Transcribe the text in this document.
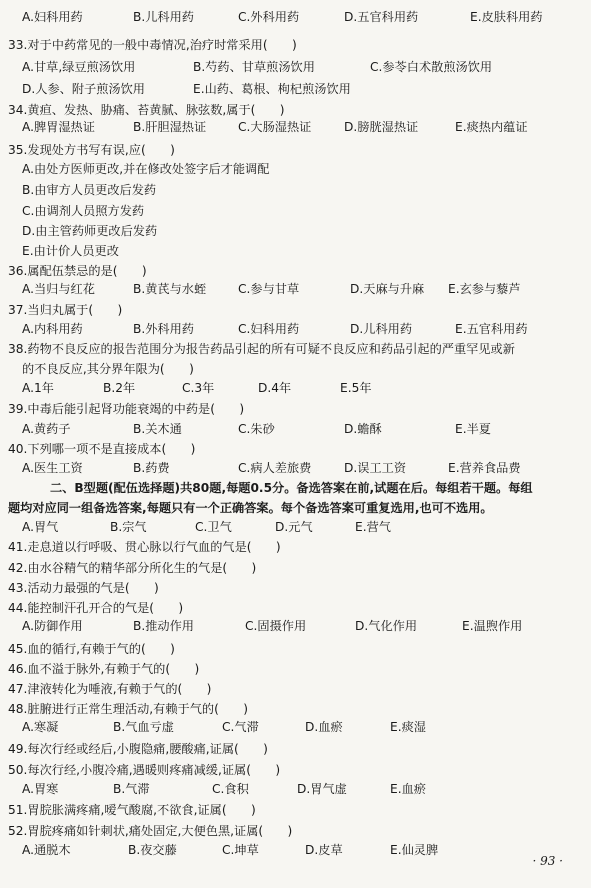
A.妇科用药	B.儿科用药	C.外科用药	D.五官科用药	E.皮肤科用药
33.对于中药常见的一般中毒情况,治疗时常采用(　　)
A.甘草,绿豆煎汤饮用	B.芍药、甘草煎汤饮用	C.参苓白术散煎汤饮用
D.人参、附子煎汤饮用	E.山药、葛根、枸杞煎汤饮用
34.黄疸、发热、胁痛、苔黄腻、脉弦数,属于(　　)
A.脾胃湿热证	B.肝胆湿热证	C.大肠湿热证	D.膀胱湿热证	E.痰热内蕴证
35.发现处方书写有误,应(　　)
A.由处方医师更改,并在修改处签字后才能调配
B.由审方人员更改后发药
C.由调剂人员照方发药
D.由主管药师更改后发药
E.由计价人员更改
36.属配伍禁忌的是(　　)
A.当归与红花	B.黄芪与水蛭	C.参与甘草	D.天麻与升麻 E.玄参与藜芦
37.当归丸属于(　　)
A.内科用药	B.外科用药	C.妇科用药	D.儿科用药	E.五官科用药
38.药物不良反应的报告范围分为报告药品引起的所有可疑不良反应和药品引起的严重罕见或新
的不良反应,其分界年限为(　　)
A.1年	B.2年	C.3年	D.4年	E.5年
39.中毒后能引起肾功能衰竭的中药是(　　)
A.黄药子	B.关木通	C.朱砂	D.蟾酥	E.半夏
40.下列哪一项不是直接成本(　　)
A.医生工资	B.药费	C.病人差旅费	D.误工工资	E.营养食品费
二、B型题(配伍选择题)共80题,每题0.5分。备选答案在前,试题在后。每组若干题。每组
题均对应同一组备选答案,每题只有一个正确答案。每个备选答案可重复选用,也可不选用。
A.胃气	B.宗气	C.卫气	D.元气	E.营气
41.走息道以行呼吸、贯心脉以行气血的气是(　　)
42.由水谷精气的精华部分所化生的气是(　　)
43.活动力最强的气是(　　)
44.能控制汗孔开合的气是(　　)
A.防御作用	B.推动作用	C.固摄作用	D.气化作用	E.温煦作用
45.血的循行,有赖于气的(　　)
46.血不溢于脉外,有赖于气的(　　)
47.津液转化为唾液,有赖于气的(　　)
48.脏腑进行正常生理活动,有赖于气的(　　)
A.寒凝	B.气血亏虚	C.气滞	D.血瘀	E.痰湿
49.每次行经或经后,小腹隐痛,腰酸痛,证属(　　)
50.每次行经,小腹冷痛,遇暖则疼痛减缓,证属(　　)
A.胃寒	B.气滞	C.食积	D.胃气虚	E.血瘀
51.胃脘胀满疼痛,嗳气酸腐,不欲食,证属(　　)
52.胃脘疼痛如针刺状,痛处固定,大便色黑,证属(　　)
A.通脱木	B.夜交藤	C.坤草	D.皮草	E.仙灵脾
· 93 ·
